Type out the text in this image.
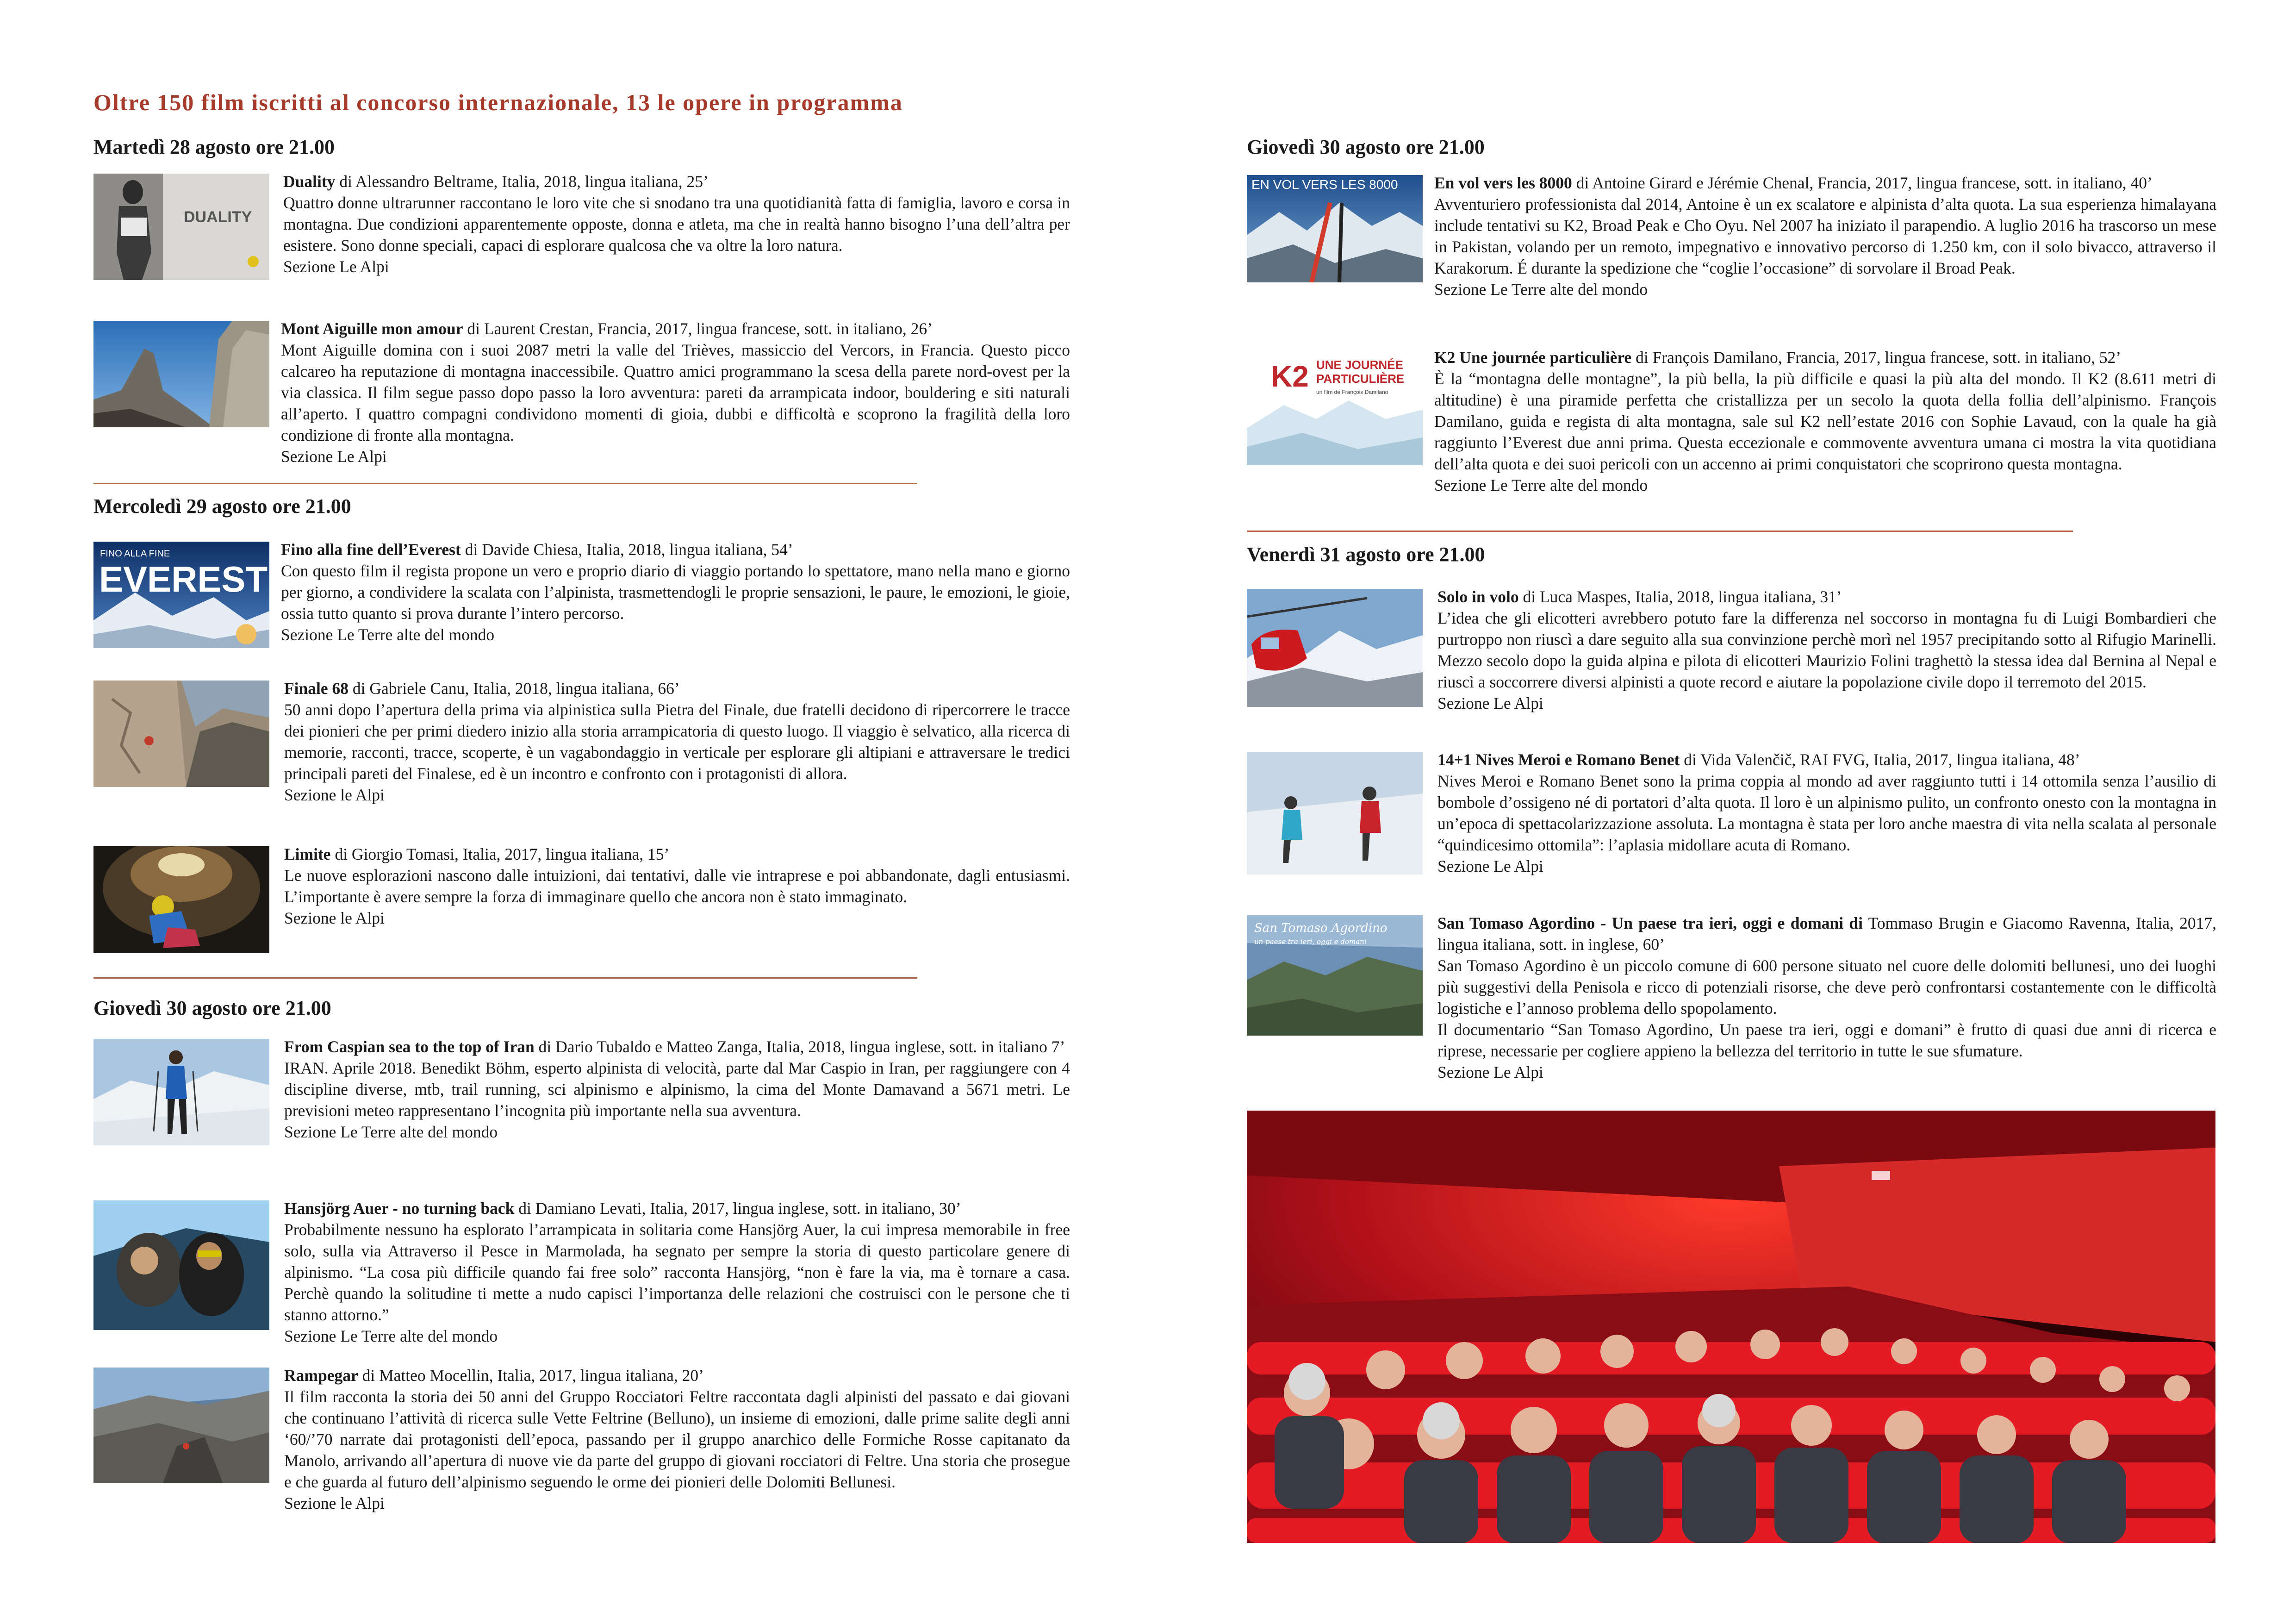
Oltre 150 film iscritti al concorso internazionale, 13 le opere in programma
Martedì 28 agosto ore 21.00
DUALITY

Duality di Alessandro Beltrame, Italia, 2018, lingua italiana, 25’

Quattro donne ultrarunner raccontano le loro vite che si snodano tra una quotidianità fatta di famiglia, lavoro e corsa in montagna. Due condizioni apparentemente opposte, donna e atleta, ma che in realtà hanno bisogno l’una dell’altra per esistere. Sono donne speciali, capaci di esplorare qualcosa che va oltre la loro natura.

Sezione Le Alpi

Mont Aiguille mon amour di Laurent Crestan, Francia, 2017, lingua francese, sott. in italiano, 26’

Mont Aiguille domina con i suoi 2087 metri la valle del Trièves, massiccio del Vercors, in Francia. Questo picco calcareo ha reputazione di montagna inaccessibile. Quattro amici programmano la scesa della parete nord-ovest per la via classica. Il film segue passo dopo passo la loro avventura: pareti da arrampicata indoor, bouldering e siti naturali all’aperto. I quattro compagni condividono momenti di gioia, dubbi e difficoltà e scoprono la fragilità della loro condizione di fronte alla montagna.

Sezione Le Alpi

Mercoledì 29 agosto ore 21.00
FINO ALLA FINE
EVEREST

Fino alla fine dell’Everest di Davide Chiesa, Italia, 2018, lingua italiana, 54’

Con questo film il regista propone un vero e proprio diario di viaggio portando lo spettatore, mano nella mano e giorno per giorno, a condividere la scalata con l’alpinista, trasmettendogli le proprie sensazioni, le paure, le emozioni, le gioie, ossia tutto quanto si prova durante l’intero percorso.

Sezione Le Terre alte del mondo

Finale 68 di Gabriele Canu, Italia, 2018, lingua italiana, 66’

50 anni dopo l’apertura della prima via alpinistica sulla Pietra del Finale, due fratelli decidono di ripercorrere le tracce dei pionieri che per primi diedero inizio alla storia arrampicatoria di questo luogo. Il viaggio è selvatico, alla ricerca di memorie, racconti, tracce, scoperte, è un vagabondaggio in verticale per esplorare gli altipiani e attraversare le tredici principali pareti del Finalese, ed è un incontro e confronto con i protagonisti di allora.

Sezione le Alpi

Limite di Giorgio Tomasi, Italia, 2017, lingua italiana, 15’

Le nuove esplorazioni nascono dalle intuizioni, dai tentativi, dalle vie intraprese e poi abbandonate, dagli entusiasmi. L’importante è avere sempre la forza di immaginare quello che ancora non è stato immaginato.

Sezione le Alpi

Giovedì 30 agosto ore 21.00

From Caspian sea to the top of Iran di Dario Tubaldo e Matteo Zanga, Italia, 2018, lingua inglese, sott. in italiano 7’

IRAN. Aprile 2018. Benedikt Böhm, esperto alpinista di velocità, parte dal Mar Caspio in Iran, per raggiungere con 4 discipline diverse, mtb, trail running, sci alpinismo e alpinismo, la cima del Monte Damavand a 5671 metri. Le previsioni meteo rappresentano l’incognita più importante nella sua avventura.

Sezione Le Terre alte del mondo

Hansjörg Auer - no turning back di Damiano Levati, Italia, 2017, lingua inglese, sott. in italiano, 30’

Probabilmente nessuno ha esplorato l’arrampicata in solitaria come Hansjörg Auer, la cui impresa memorabile in free solo, sulla via Attraverso il Pesce in Marmolada, ha segnato per sempre la storia di questo particolare genere di alpinismo. “La cosa più difficile quando fai free solo” racconta Hansjörg, “non è fare la via, ma è tornare a casa. Perchè quando la solitudine ti mette a nudo capisci l’importanza delle relazioni che costruisci con le persone che ti stanno attorno.”

Sezione Le Terre alte del mondo

Rampegar di Matteo Mocellin, Italia, 2017, lingua italiana, 20’

Il film racconta la storia dei 50 anni del Gruppo Rocciatori Feltre raccontata dagli alpinisti del passato e dai giovani che continuano l’attività di ricerca sulle Vette Feltrine (Belluno), un insieme di emozioni, dalle prime salite degli anni ‘60/’70 narrate dai protagonisti dell’epoca, passando per il gruppo anarchico delle Formiche Rosse capitanato da Manolo, arrivando all’apertura di nuove vie da parte del gruppo di giovani rocciatori di Feltre. Una storia che prosegue e che guarda al futuro dell’alpinismo seguendo le orme dei pionieri delle Dolomiti Bellunesi.

Sezione le Alpi

Giovedì 30 agosto ore 21.00
EN VOL VERS LES 8000 En vol vers les 8000 di Antoine Girard e Jérémie Chenal, Francia, 2017, lingua francese, sott. in italiano, 40’

Avventuriero professionista dal 2014, Antoine è un ex scalatore e alpinista d’alta quota. La sua esperienza himalayana include tentativi su K2, Broad Peak e Cho Oyu. Nel 2007 ha iniziato il parapendio. A luglio 2016 ha trascorso un mese in Pakistan, volando per un remoto, impegnativo e innovativo percorso di 1.250 km, con il solo bivacco, attraverso il Karakorum. É durante la spedizione che “coglie l’occasione” di sorvolare il Broad Peak.

Sezione Le Terre alte del mondo

K2 UNE JOURNÉE
PARTICULIÈRE
un film de François Damilano

K2 Une journée particulière di François Damilano, Francia, 2017, lingua francese, sott. in italiano, 52’

È la “montagna delle montagne”, la più bella, la più difficile e quasi la più alta del mondo. Il K2 (8.611 metri di altitudine) è una piramide perfetta che cristallizza per un secolo la quota della follia dell’alpinismo. François Damilano, guida e regista di alta montagna, sale sul K2 nell’estate 2016 con Sophie Lavaud, con la quale ha già raggiunto l’Everest due anni prima. Questa eccezionale e commovente avventura umana ci mostra la vita quotidiana dell’alta quota e dei suoi pericoli con un accenno ai primi conquistatori che scoprirono questa montagna.

Sezione Le Terre alte del mondo

Venerdì 31 agosto ore 21.00

Solo in volo di Luca Maspes, Italia, 2018, lingua italiana, 31’

L’idea che gli elicotteri avrebbero potuto fare la differenza nel soccorso in montagna fu di Luigi Bombardieri che purtroppo non riuscì a dare seguito alla sua convinzione perchè morì nel 1957 precipitando sotto al Rifugio Marinelli. Mezzo secolo dopo la guida alpina e pilota di elicotteri Maurizio Folini traghettò la stessa idea dal Bernina al Nepal e riuscì a soccorrere diversi alpinisti a quote record e aiutare la popolazione civile dopo il terremoto del 2015.

Sezione Le Alpi

14+1 Nives Meroi e Romano Benet di Vida Valenčič, RAI FVG, Italia, 2017, lingua italiana, 48’

Nives Meroi e Romano Benet sono la prima coppia al mondo ad aver raggiunto tutti i 14 ottomila senza l’ausilio di bombole d’ossigeno né di portatori d’alta quota. Il loro è un alpinismo pulito, un confronto onesto con la montagna in un’epoca di spettacolarizzazione assoluta. La montagna è stata per loro anche maestra di vita nella scalata al personale “quindicesimo ottomila”: l’aplasia midollare acuta di Romano.

Sezione Le Alpi

San Tomaso Agordino
un paese tra ieri, oggi e domani

San Tomaso Agordino - Un paese tra ieri, oggi e domani di Tommaso Brugin e Giacomo Ravenna, Italia, 2017, lingua italiana, sott. in inglese, 60’

San Tomaso Agordino è un piccolo comune di 600 persone situato nel cuore delle dolomiti bellunesi, uno dei luoghi più suggestivi della Penisola e ricco di potenziali risorse, che deve però confrontarsi costantemente con le difficoltà logistiche e l’annoso problema dello spopolamento.

Il documentario “San Tomaso Agordino, Un paese tra ieri, oggi e domani” è frutto di quasi due anni di ricerca e riprese, necessarie per cogliere appieno la bellezza del territorio in tutte le sue sfumature.

Sezione Le Alpi
